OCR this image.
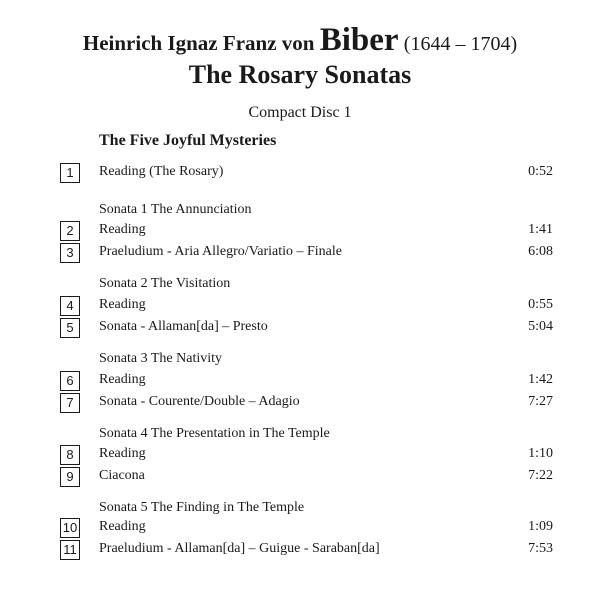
Heinrich Ignaz Franz von Biber (1644 – 1704)
The Rosary Sonatas
Compact Disc 1
The Five Joyful Mysteries
1	Reading (The Rosary)	0:52
Sonata 1 The Annunciation
2	Reading	1:41
3	Praeludium - Aria Allegro/Variatio – Finale	6:08
Sonata 2 The Visitation
4	Reading	0:55
5	Sonata - Allaman[da] – Presto	5:04
Sonata 3 The Nativity
6	Reading	1:42
7	Sonata - Courente/Double – Adagio	7:27
Sonata 4 The Presentation in The Temple
8	Reading	1:10
9	Ciacona	7:22
Sonata 5 The Finding in The Temple
10 Reading	1:09
11 Praeludium - Allaman[da] – Guigue - Saraban[da]	7:53
